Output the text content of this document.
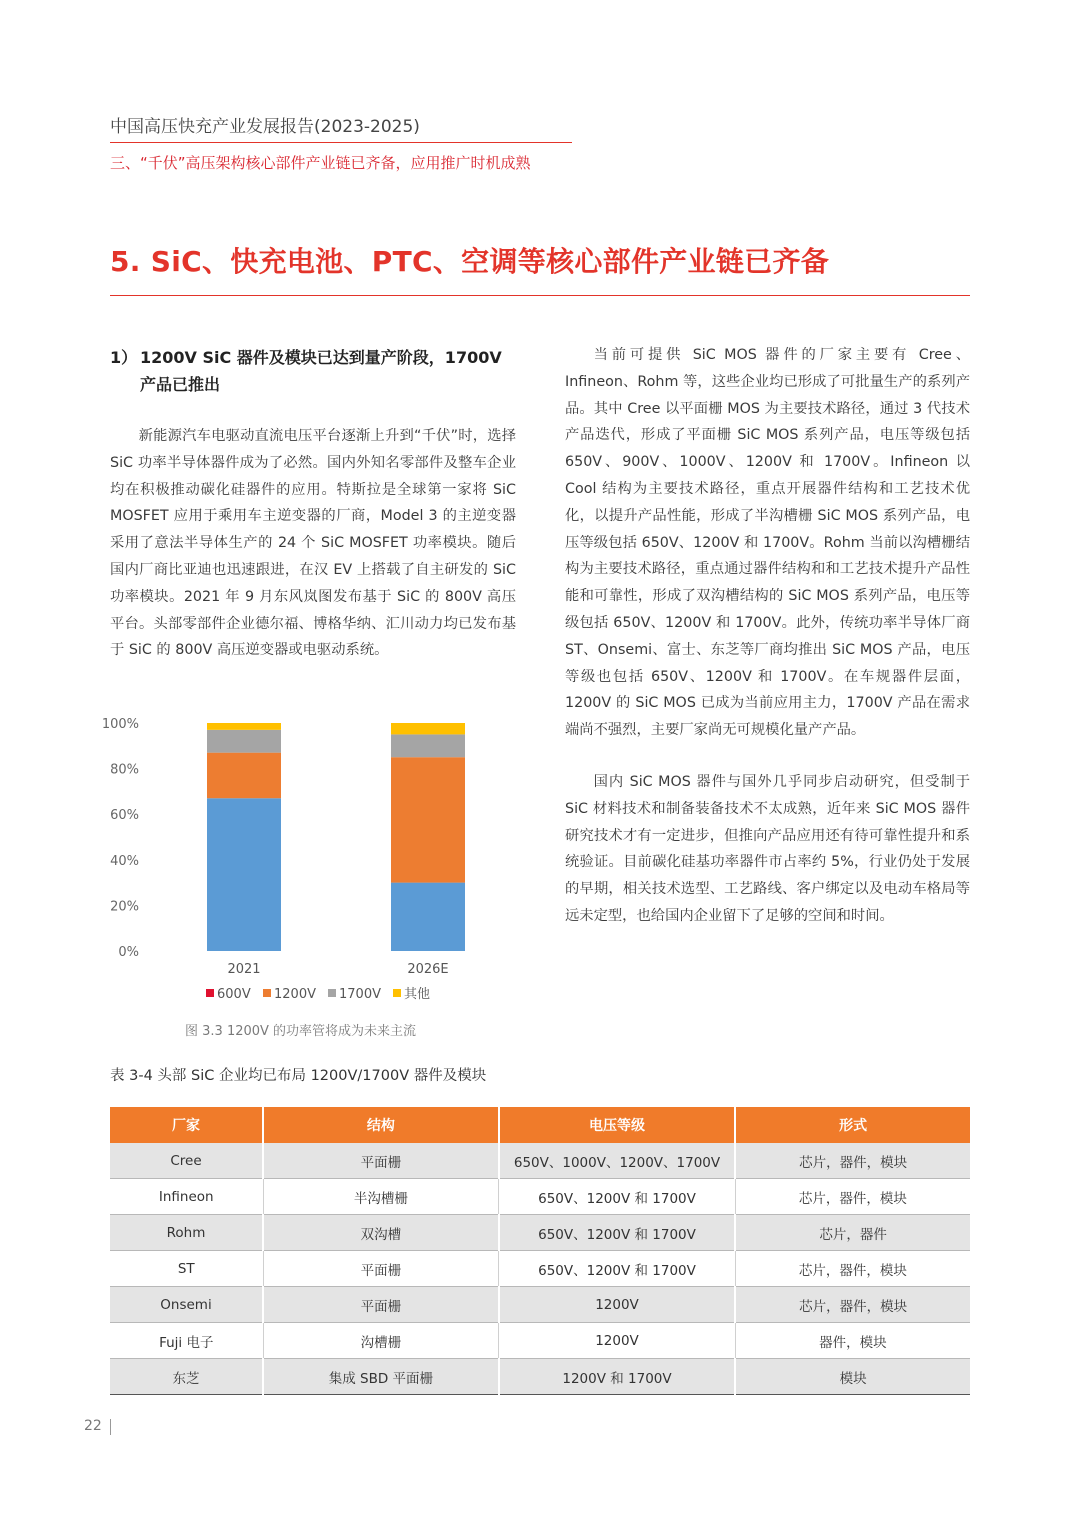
中国高压快充产业发展报告(2023-2025)
三、“千伏”高压架构核心部件产业链已齐备，应用推广时机成熟
5. SiC、快充电池、PTC、空调等核心部件产业链已齐备
1） 1200V SiC 器件及模块已达到量产阶段，1700V
产品已推出

新能源汽车电驱动直流电压平台逐渐上升到“千伏”时，选择 SiC 功率半导体器件成为了必然。国内外知名零部件及整车企业均在积极推动碳化硅器件的应用。特斯拉是全球第一家将 SiC MOSFET 应用于乘用车主逆变器的厂商，Model 3 的主逆变器采用了意法半导体生产的 24 个 SiC MOSFET 功率模块。随后国内厂商比亚迪也迅速跟进，在汉 EV 上搭载了自主研发的 SiC 功率模块。2021 年 9 月东风岚图发布基于 SiC 的 800V 高压平台。头部零部件企业德尔福、博格华纳、汇川动力均已发布基于 SiC 的 800V 高压逆变器或电驱动系统。

当前可提供 SiC MOS 器件的厂家主要有 Cree、Infineon、Rohm 等，这些企业均已形成了可批量生产的系列产品。其中 Cree 以平面栅 MOS 为主要技术路径，通过 3 代技术产品迭代，形成了平面栅 SiC MOS 系列产品，电压等级包括 650V、900V、1000V、1200V 和 1700V。Infineon 以 Cool 结构为主要技术路径，重点开展器件结构和工艺技术优化，以提升产品性能，形成了半沟槽栅 SiC MOS 系列产品，电压等级包括 650V、1200V 和 1700V。Rohm 当前以沟槽栅结构为主要技术路径，重点通过器件结构和和工艺技术提升产品性能和可靠性，形成了双沟槽结构的 SiC MOS 系列产品，电压等级包括 650V、1200V 和 1700V。此外，传统功率半导体厂商 ST、Onsemi、富士、东芝等厂商均推出 SiC MOS 产品，电压等级也包括 650V、1200V 和 1700V。在车规器件层面，1200V 的 SiC MOS 已成为当前应用主力，1700V 产品在需求端尚不强烈，主要厂家尚无可规模化量产产品。

国内 SiC MOS 器件与国外几乎同步启动研究，但受制于 SiC 材料技术和制备装备技术不太成熟，近年来 SiC MOS 器件研究技术才有一定进步，但推向产品应用还有待可靠性提升和系统验证。目前碳化硅基功率器件市占率约 5%，行业仍处于发展的早期，相关技术选型、工艺路线、客户绑定以及电动车格局等远未定型，也给国内企业留下了足够的空间和时间。

0%
20%
40%
60%
80%
100%
2021	2026E
600V 1200V 1700V 其他
图 3.3 1200V 的功率管将成为未来主流
表 3-4 头部 SiC 企业均已布局 1200V/1700V 器件及模块
厂家	结构	电压等级	形式
Cree	平面栅	650V、1000V、1200V、1700V	芯片，器件，模块
Infineon	半沟槽栅	650V、1200V 和 1700V	芯片，器件，模块
Rohm	双沟槽	650V、1200V 和 1700V	芯片，器件
ST	平面栅	650V、1200V 和 1700V	芯片，器件，模块
Onsemi	平面栅	1200V	芯片，器件，模块
Fuji 电子	沟槽栅	1200V	器件，模块
东芝	集成 SBD 平面栅	1200V 和 1700V	模块
22
